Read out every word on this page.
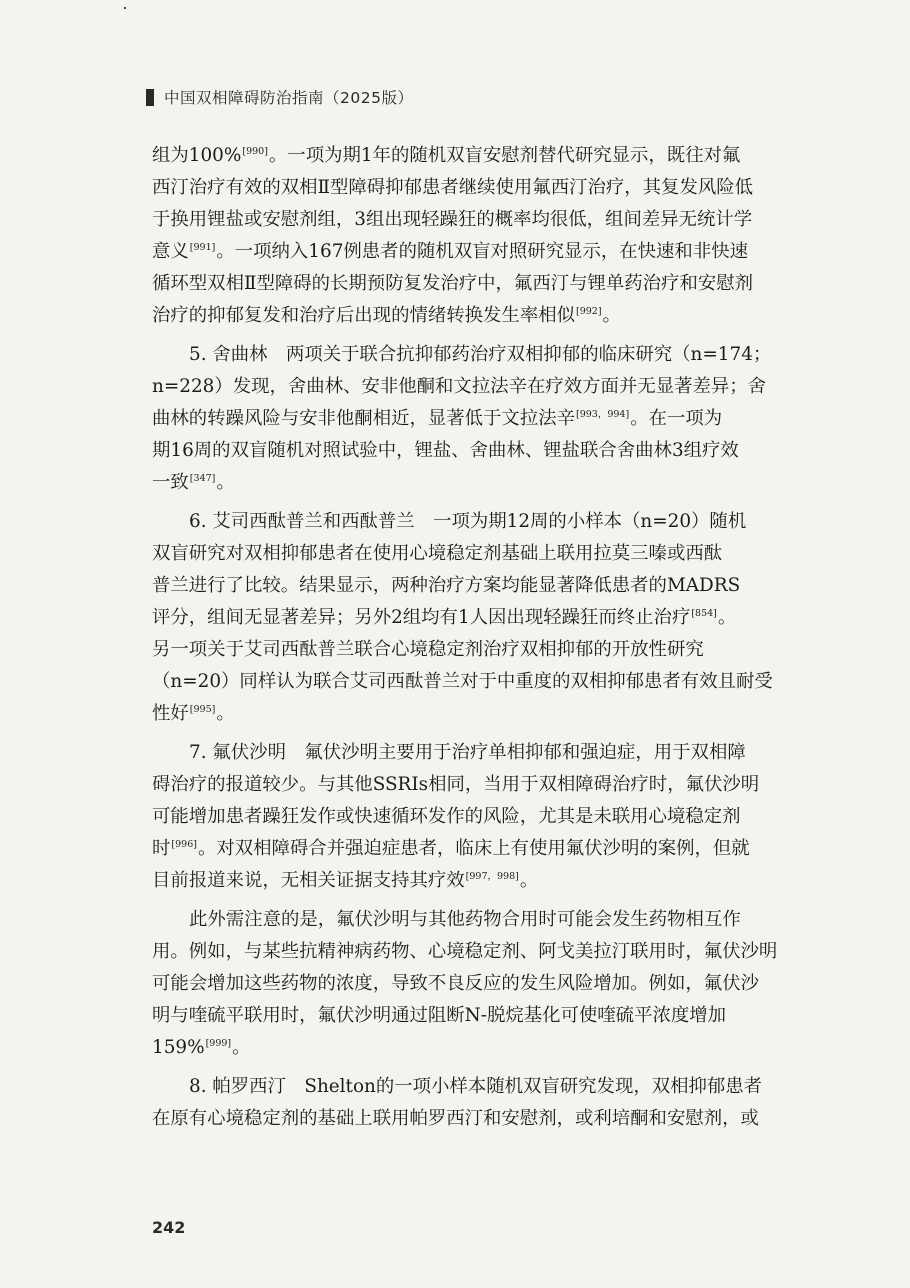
中国双相障碍防治指南（2025版）
组为100%[990]。一项为期1年的随机双盲安慰剂替代研究显示，既往对氟
西汀治疗有效的双相Ⅱ型障碍抑郁患者继续使用氟西汀治疗，其复发风险低
于换用锂盐或安慰剂组，3组出现轻躁狂的概率均很低，组间差异无统计学
意义[991]。一项纳入167例患者的随机双盲对照研究显示，在快速和非快速
循环型双相Ⅱ型障碍的长期预防复发治疗中，氟西汀与锂单药治疗和安慰剂
治疗的抑郁复发和治疗后出现的情绪转换发生率相似[992]。
5. 舍曲林　两项关于联合抗抑郁药治疗双相抑郁的临床研究（n=174；
n=228）发现，舍曲林、安非他酮和文拉法辛在疗效方面并无显著差异；舍
曲林的转躁风险与安非他酮相近，显著低于文拉法辛[993，994]。在一项为
期16周的双盲随机对照试验中，锂盐、舍曲林、锂盐联合舍曲林3组疗效
一致[347]。
6. 艾司西酞普兰和西酞普兰　一项为期12周的小样本（n=20）随机
双盲研究对双相抑郁患者在使用心境稳定剂基础上联用拉莫三嗪或西酞
普兰进行了比较。结果显示，两种治疗方案均能显著降低患者的MADRS
评分，组间无显著差异；另外2组均有1人因出现轻躁狂而终止治疗[854]。
另一项关于艾司西酞普兰联合心境稳定剂治疗双相抑郁的开放性研究
（n=20）同样认为联合艾司西酞普兰对于中重度的双相抑郁患者有效且耐受
性好[995]。
7. 氟伏沙明　氟伏沙明主要用于治疗单相抑郁和强迫症，用于双相障
碍治疗的报道较少。与其他SSRIs相同，当用于双相障碍治疗时，氟伏沙明
可能增加患者躁狂发作或快速循环发作的风险，尤其是未联用心境稳定剂
时[996]。对双相障碍合并强迫症患者，临床上有使用氟伏沙明的案例，但就
目前报道来说，无相关证据支持其疗效[997，998]。
此外需注意的是，氟伏沙明与其他药物合用时可能会发生药物相互作
用。例如，与某些抗精神病药物、心境稳定剂、阿戈美拉汀联用时，氟伏沙明
可能会增加这些药物的浓度，导致不良反应的发生风险增加。例如，氟伏沙
明与喹硫平联用时，氟伏沙明通过阻断N-脱烷基化可使喹硫平浓度增加
159%[999]。
8. 帕罗西汀　Shelton的一项小样本随机双盲研究发现，双相抑郁患者
在原有心境稳定剂的基础上联用帕罗西汀和安慰剂，或利培酮和安慰剂，或
242
